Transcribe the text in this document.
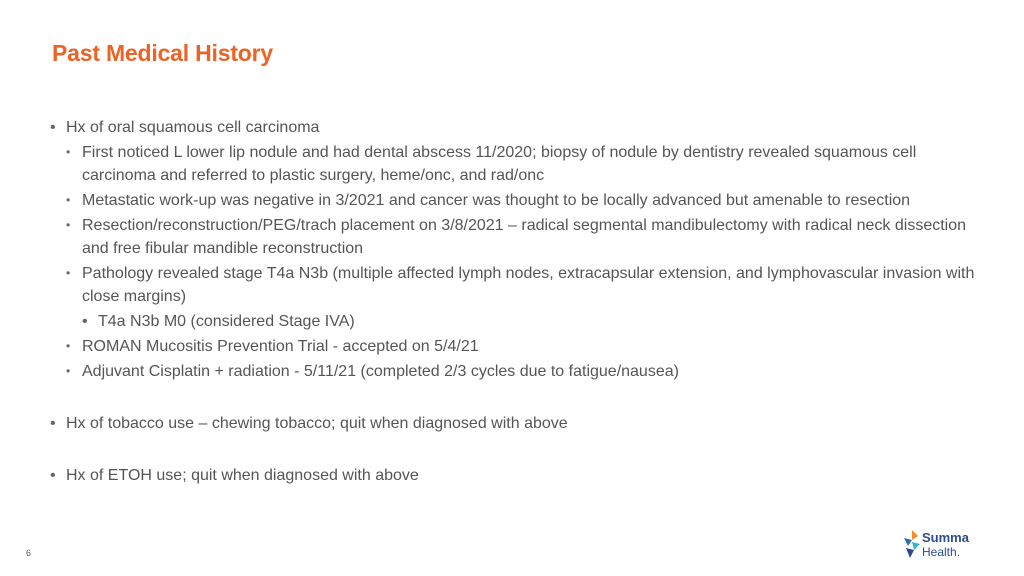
Past Medical History

• Hx of oral squamous cell carcinoma

• First noticed L lower lip nodule and had dental abscess 11/2020; biopsy of nodule by dentistry revealed squamous cell carcinoma and referred to plastic surgery, heme/onc, and rad/onc

• Metastatic work-up was negative in 3/2021 and cancer was thought to be locally advanced but amenable to resection

• Resection/reconstruction/PEG/trach placement on 3/8/2021 – radical segmental mandibulectomy with radical neck dissection and free fibular mandible reconstruction

• Pathology revealed stage T4a N3b (multiple affected lymph nodes, extracapsular extension, and lymphovascular invasion with close margins)

• T4a N3b M0 (considered Stage IVA)

• ROMAN Mucositis Prevention Trial - accepted on 5/4/21

• Adjuvant Cisplatin + radiation - 5/11/21 (completed 2/3 cycles due to fatigue/nausea)

• Hx of tobacco use – chewing tobacco; quit when diagnosed with above

• Hx of ETOH use; quit when diagnosed with above

6
Summa
Health.
